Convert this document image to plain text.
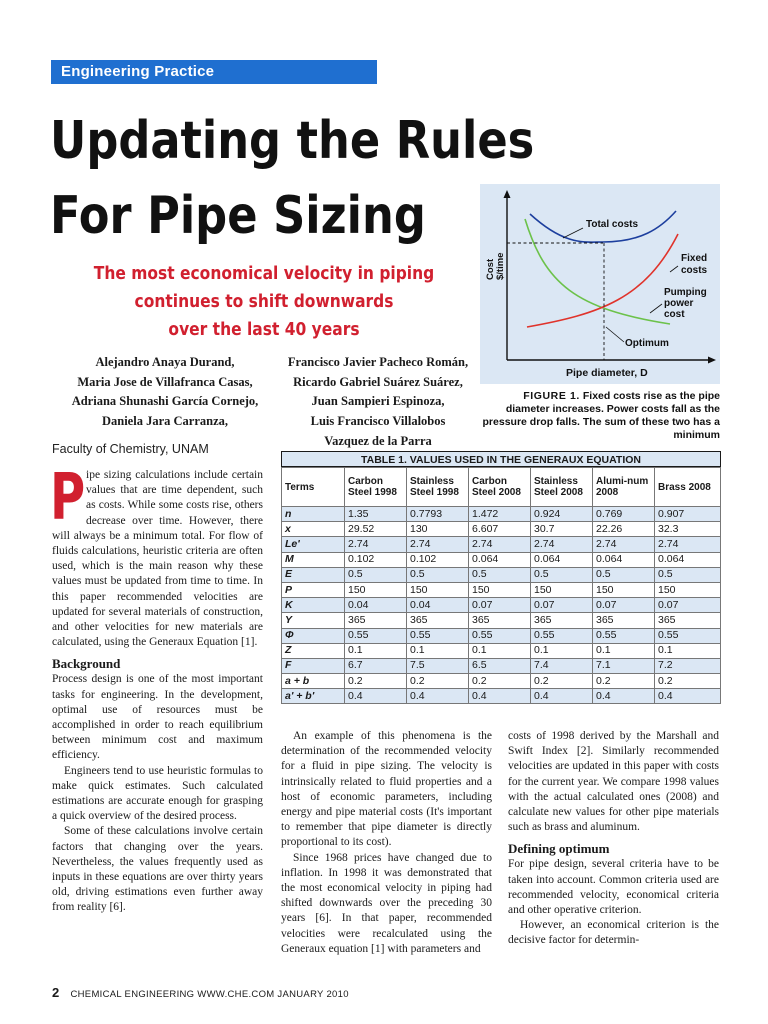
Engineering Practice
Updating the Rules
For Pipe Sizing
The most economical velocity in piping
continues to shift downwards
over the last 40 years
Alejandro Anaya Durand,
Maria Jose de Villafranca Casas,
Adriana Shunashi García Cornejo,
Daniela Jara Carranza,
Francisco Javier Pacheco Román,
Ricardo Gabriel Suárez Suárez,
Juan Sampieri Espinoza,
Luis Francisco Villalobos
Vazquez de la Parra
Faculty of Chemistry, UNAM
Total costs
Fixed
costs
Pumping
power
cost
Optimum
Pipe diameter, D
Cost $/time
FIGURE 1. Fixed costs rise as the pipe diameter increases. Power costs fall as the pressure drop falls. The sum of these two has a minimum
TABLE 1. VALUES USED IN THE GENERAUX EQUATION
Terms	Carbon Steel 1998	Stainless Steel 1998	Carbon Steel 2008	Stainless Steel 2008	Alumi-num 2008	Brass 2008
n	1.35	0.7793	1.472	0.924	0.769	0.907
x	29.52	130	6.607	30.7	22.26	32.3
Le'	2.74	2.74	2.74	2.74	2.74	2.74
M	0.102	0.102	0.064	0.064	0.064	0.064
E	0.5	0.5	0.5	0.5	0.5	0.5
P	150	150	150	150	150	150
K	0.04	0.04	0.07	0.07	0.07	0.07
Y	365	365	365	365	365	365
Φ	0.55	0.55	0.55	0.55	0.55	0.55
Z	0.1	0.1	0.1	0.1	0.1	0.1
F	6.7	7.5	6.5	7.4	7.1	7.2
a + b	0.2	0.2	0.2	0.2	0.2	0.2
a' + b'	0.4	0.4	0.4	0.4	0.4	0.4

Pipe sizing calculations include certain values that are time dependent, such as costs. While some costs rise, others decrease over time. However, there will always be a minimum total. For flow of fluids calculations, heuristic criteria are often used, which is the main reason why these values must be updated from time to time. In this paper recommended velocities are updated for several materials of construction, and other velocities for new materials are calculated, using the Generaux Equation [1].

Background

Process design is one of the most important tasks for engineering. In the development, optimal use of resources must be accomplished in order to reach equilibrium between minimum cost and maximum efficiency.

Engineers tend to use heuristic formulas to make quick estimates. Such calculated estimations are accurate enough for grasping a quick overview of the desired process.

Some of these calculations involve certain factors that changing over the years. Nevertheless, the values frequently used as inputs in these equations are over thirty years old, driving estimations even further away from reality [6].

An example of this phenomena is the determination of the recommended velocity for a fluid in pipe sizing. The velocity is intrinsically related to fluid properties and a host of economic parameters, including energy and pipe material costs (It's important to remember that pipe diameter is directly proportional to its cost).

Since 1968 prices have changed due to inflation. In 1998 it was demonstrated that the most economical velocity in piping had shifted downwards over the preceding 30 years [6]. In that paper, recommended velocities were recalculated using the Generaux equation [1] with parameters and

costs of 1998 derived by the Marshall and Swift Index [2]. Similarly recommended velocities are updated in this paper with costs for the current year. We compare 1998 values with the actual calculated ones (2008) and calculate new values for other pipe materials such as brass and aluminum.

Defining optimum

For pipe design, several criteria have to be taken into account. Common criteria used are recommended velocity, economical criteria and other operative criterion.

However, an economical criterion is the decisive factor for determin-

2 CHEMICAL ENGINEERING WWW.CHE.COM JANUARY 2010
